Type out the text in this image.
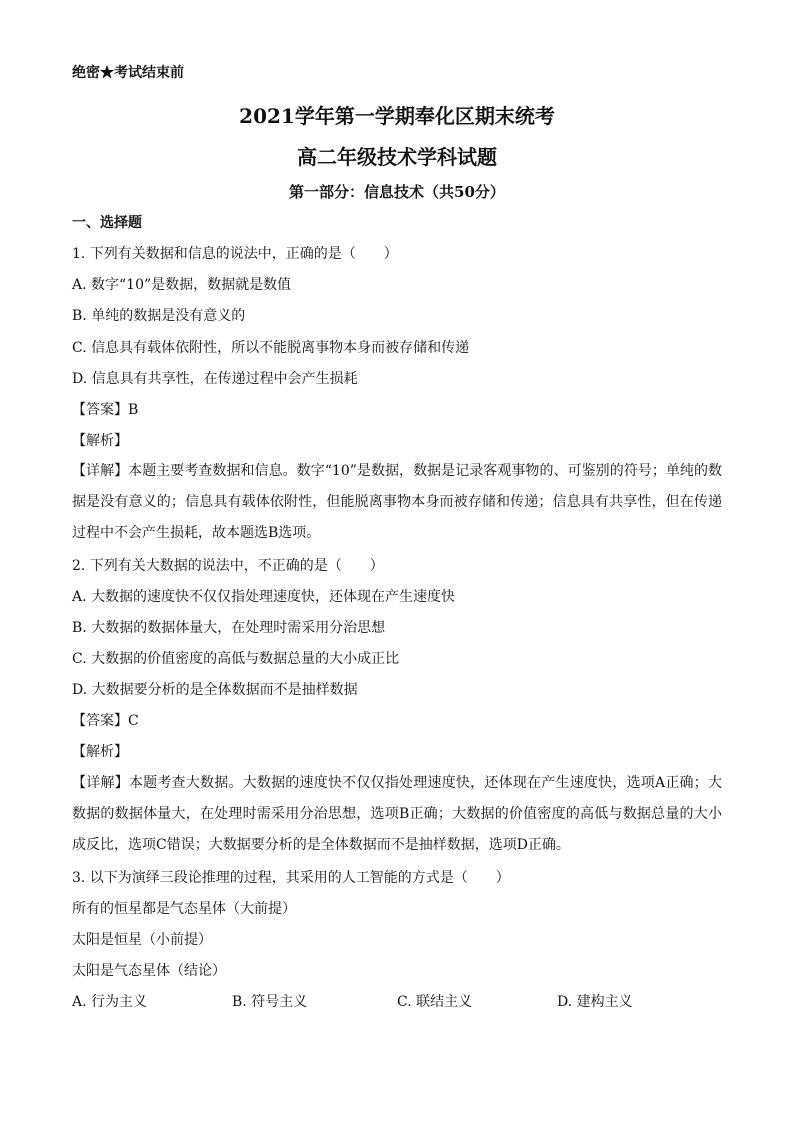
绝密★考试结束前
2021学年第一学期奉化区期末统考
高二年级技术学科试题
第一部分：信息技术（共50分）
一、选择题
1. 下列有关数据和信息的说法中，正确的是（　　）
A. 数字“10”是数据，数据就是数值
B. 单纯的数据是没有意义的
C. 信息具有载体依附性，所以不能脱离事物本身而被存储和传递
D. 信息具有共享性，在传递过程中会产生损耗
【答案】B
【解析】
【详解】本题主要考查数据和信息。数字“10”是数据，数据是记录客观事物的、可鉴别的符号；单纯的数据是没有意义的；信息具有载体依附性，但能脱离事物本身而被存储和传递；信息具有共享性，但在传递过程中不会产生损耗，故本题选B选项。
2. 下列有关大数据的说法中，不正确的是（　　）
A. 大数据的速度快不仅仅指处理速度快，还体现在产生速度快
B. 大数据的数据体量大，在处理时需采用分治思想
C. 大数据的价值密度的高低与数据总量的大小成正比
D. 大数据要分析的是全体数据而不是抽样数据
【答案】C
【解析】
【详解】本题考查大数据。大数据的速度快不仅仅指处理速度快，还体现在产生速度快，选项A正确；大数据的数据体量大，在处理时需采用分治思想，选项B正确；大数据的价值密度的高低与数据总量的大小成反比，选项C错误；大数据要分析的是全体数据而不是抽样数据，选项D正确。
3. 以下为演绎三段论推理的过程，其采用的人工智能的方式是（　　）
所有的恒星都是气态星体（大前提）
太阳是恒星（小前提）
太阳是气态星体（结论）
A. 行为主义	B. 符号主义	C. 联结主义	D. 建构主义
